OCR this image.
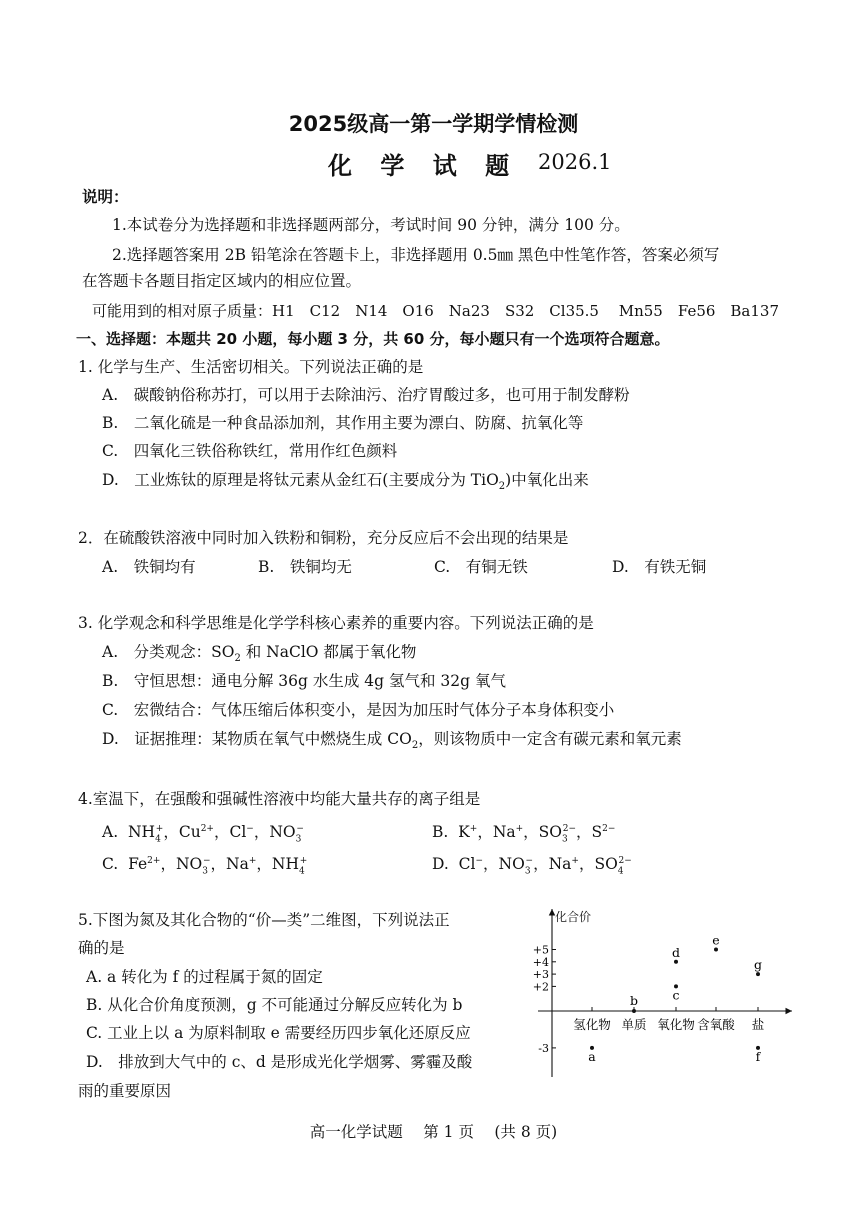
2025级高一第一学期学情检测
化 学 试 题 2026.1
说明：
1.本试卷分为选择题和非选择题两部分，考试时间 90 分钟，满分 100 分。
2.选择题答案用 2B 铅笔涂在答题卡上，非选择题用 0.5㎜ 黑色中性笔作答，答案必须写
在答题卡各题目指定区域内的相应位置。
可能用到的相对原子质量：H1　C12　N14　O16　Na23　S32　Cl35.5　 Mn55　Fe56　Ba137
一、选择题：本题共 20 小题，每小题 3 分，共 60 分，每小题只有一个选项符合题意。
1. 化学与生产、生活密切相关。下列说法正确的是
A.　碳酸钠俗称苏打，可以用于去除油污、治疗胃酸过多，也可用于制发酵粉
B.　二氧化硫是一种食品添加剂，其作用主要为漂白、防腐、抗氧化等
C.　四氧化三铁俗称铁红，常用作红色颜料
D.　工业炼钛的原理是将钛元素从金红石(主要成分为 TiO$_2$)中氧化出来
2．在硫酸铁溶液中同时加入铁粉和铜粉，充分反应后不会出现的结果是
A.　铁铜均有	B.　铁铜均无	C.　有铜无铁	D.　有铁无铜
3. 化学观念和科学思维是化学学科核心素养的重要内容。下列说法正确的是
A.　分类观念：$SO_2$ 和 NaClO 都属于氧化物
B.　守恒思想：通电分解 36g 水生成 4g 氢气和 32g 氧气
C.　宏微结合：气体压缩后体积变小，是因为加压时气体分子本身体积变小
D.　证据推理：某物质在氧气中燃烧生成 $CO_2$，则该物质中一定含有碳元素和氧元素
4.室温下，在强酸和强碱性溶液中均能大量共存的离子组是
A.  $NH_4^+$，$Cu^{2+}$，Cl−，$NO_3^-$	B.  K+，Na+，$SO_3^{2-}$，$S^{2-}$
C.  $Fe^{2+}$，$NO_3^-$，Na+，$NH_4^+$	D.  Cl−，$NO_3^-$，Na+，$SO_4^{2-}$
5.下图为氮及其化合物的“价—类”二维图，下列说法正
确的是
A. a 转化为 f 的过程属于氮的固定
B. 从化合价角度预测，g 不可能通过分解反应转化为 b
C. 工业上以 a 为原料制取 e 需要经历四步氧化还原反应
D.　排放到大气中的 c、d 是形成光化学烟雾、雾霾及酸
雨的重要原因
化合价
+5
+4
+3
+2
-3
氢化物 单质 氧化物 含氧酸 盐
a
b	c
d
e
f
g
高一化学试题　 第 1 页　 (共 8 页)
